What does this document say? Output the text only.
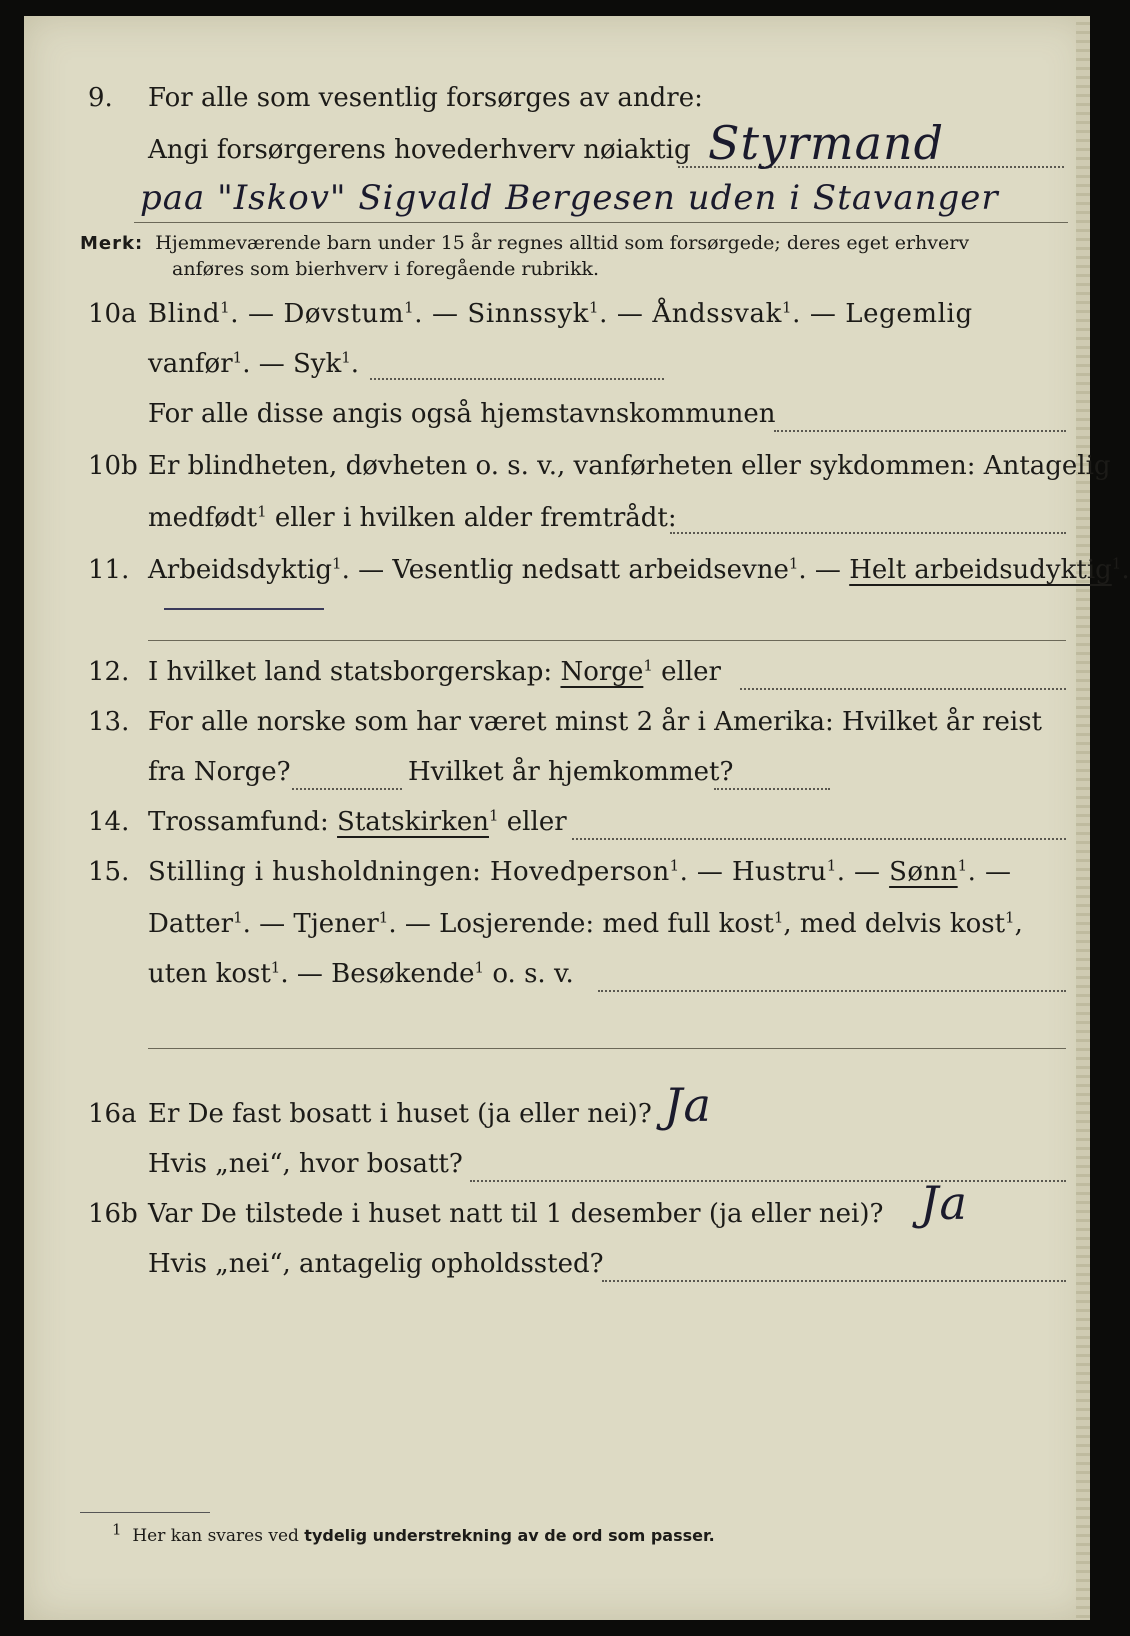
9. For alle som vesentlig forsørges av andre:
Angi forsørgerens hovederhverv nøiaktig Styrmand
paa "Iskov" Sigvald Bergesen uden i Stavanger
Merk: Hjemmeværende barn under 15 år regnes alltid som forsørgede; deres eget erhverv
anføres som bierhverv i foregående rubrikk.
10a Blind$^1$. — Døvstum$^1$. — Sinnssyk$^1$. — Åndssvak$^1$. — Legemlig
vanfør$^1$. — Syk$^1$.
For alle disse angis også hjemstavnskommunen
10b Er blindheten, døvheten o. s. v., vanførheten eller sykdommen: Antagelig
medfødt$^1$ eller i hvilken alder fremtrådt:
11. Arbeidsdyktig$^1$. — Vesentlig nedsatt arbeidsevne$^1$. — Helt arbeidsudyktig$^1$.
12. I hvilket land statsborgerskap: Norge$^1$ eller
13. For alle norske som har været minst 2 år i Amerika: Hvilket år reist
fra Norge?	Hvilket år hjemkommet?
14. Trossamfund: Statskirken$^1$ eller
15. Stilling i husholdningen: Hovedperson$^1$. — Hustru$^1$. — Sønn$^1$. —
Datter$^1$. — Tjener$^1$. — Losjerende: med full kost$^1$, med delvis kost$^1$,
uten kost$^1$. — Besøkende$^1$ o. s. v.
16a Er De fast bosatt i huset (ja eller nei)? Ja
Hvis „nei“, hvor bosatt?
16b Var De tilstede i huset natt til 1 desember (ja eller nei)? Ja
Hvis „nei“, antagelig opholdssted?
1 Her kan svares ved tydelig understrekning av de ord som passer.
